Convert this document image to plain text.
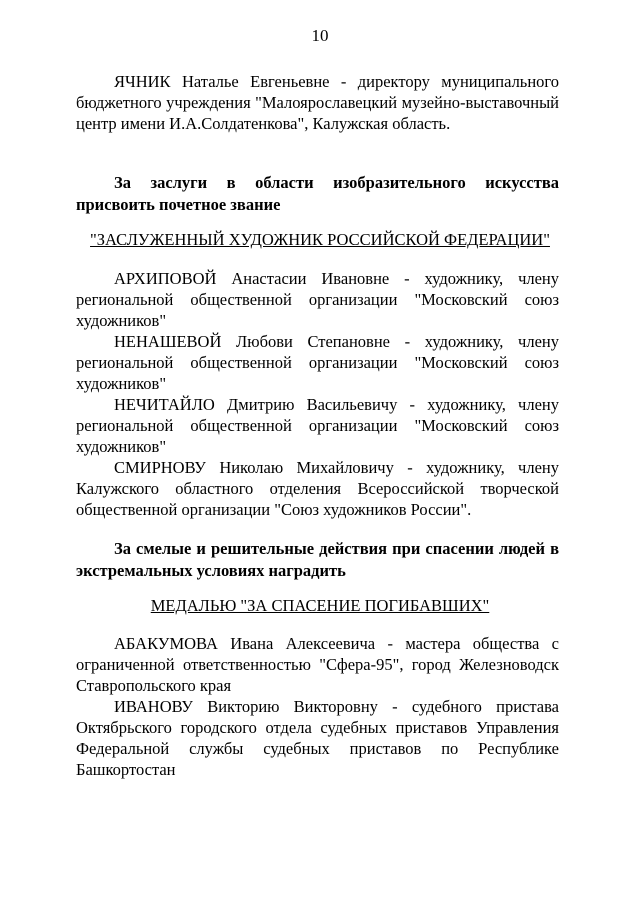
10
ЯЧНИК Наталье Евгеньевне - директору муниципального бюджетного учреждения "Малоярославецкий музейно-выставочный центр имени И.А.Солдатенкова", Калужская область.
За заслуги в области изобразительного искусства присвоить почетное звание
"ЗАСЛУЖЕННЫЙ ХУДОЖНИК РОССИЙСКОЙ ФЕДЕРАЦИИ"
АРХИПОВОЙ Анастасии Ивановне - художнику, члену региональной общественной организации "Московский союз художников"
НЕНАШЕВОЙ Любови Степановне - художнику, члену региональной общественной организации "Московский союз художников"
НЕЧИТАЙЛО Дмитрию Васильевичу - художнику, члену региональной общественной организации "Московский союз художников"
СМИРНОВУ Николаю Михайловичу - художнику, члену Калужского областного отделения Всероссийской творческой общественной организации "Союз художников России".
За смелые и решительные действия при спасении людей в экстремальных условиях наградить
МЕДАЛЬЮ "ЗА СПАСЕНИЕ ПОГИБАВШИХ"
АБАКУМОВА Ивана Алексеевича - мастера общества с ограниченной ответственностью "Сфера-95", город Железноводск Ставропольского края
ИВАНОВУ Викторию Викторовну - судебного пристава Октябрьского городского отдела судебных приставов Управления Федеральной службы судебных приставов по Республике Башкортостан
